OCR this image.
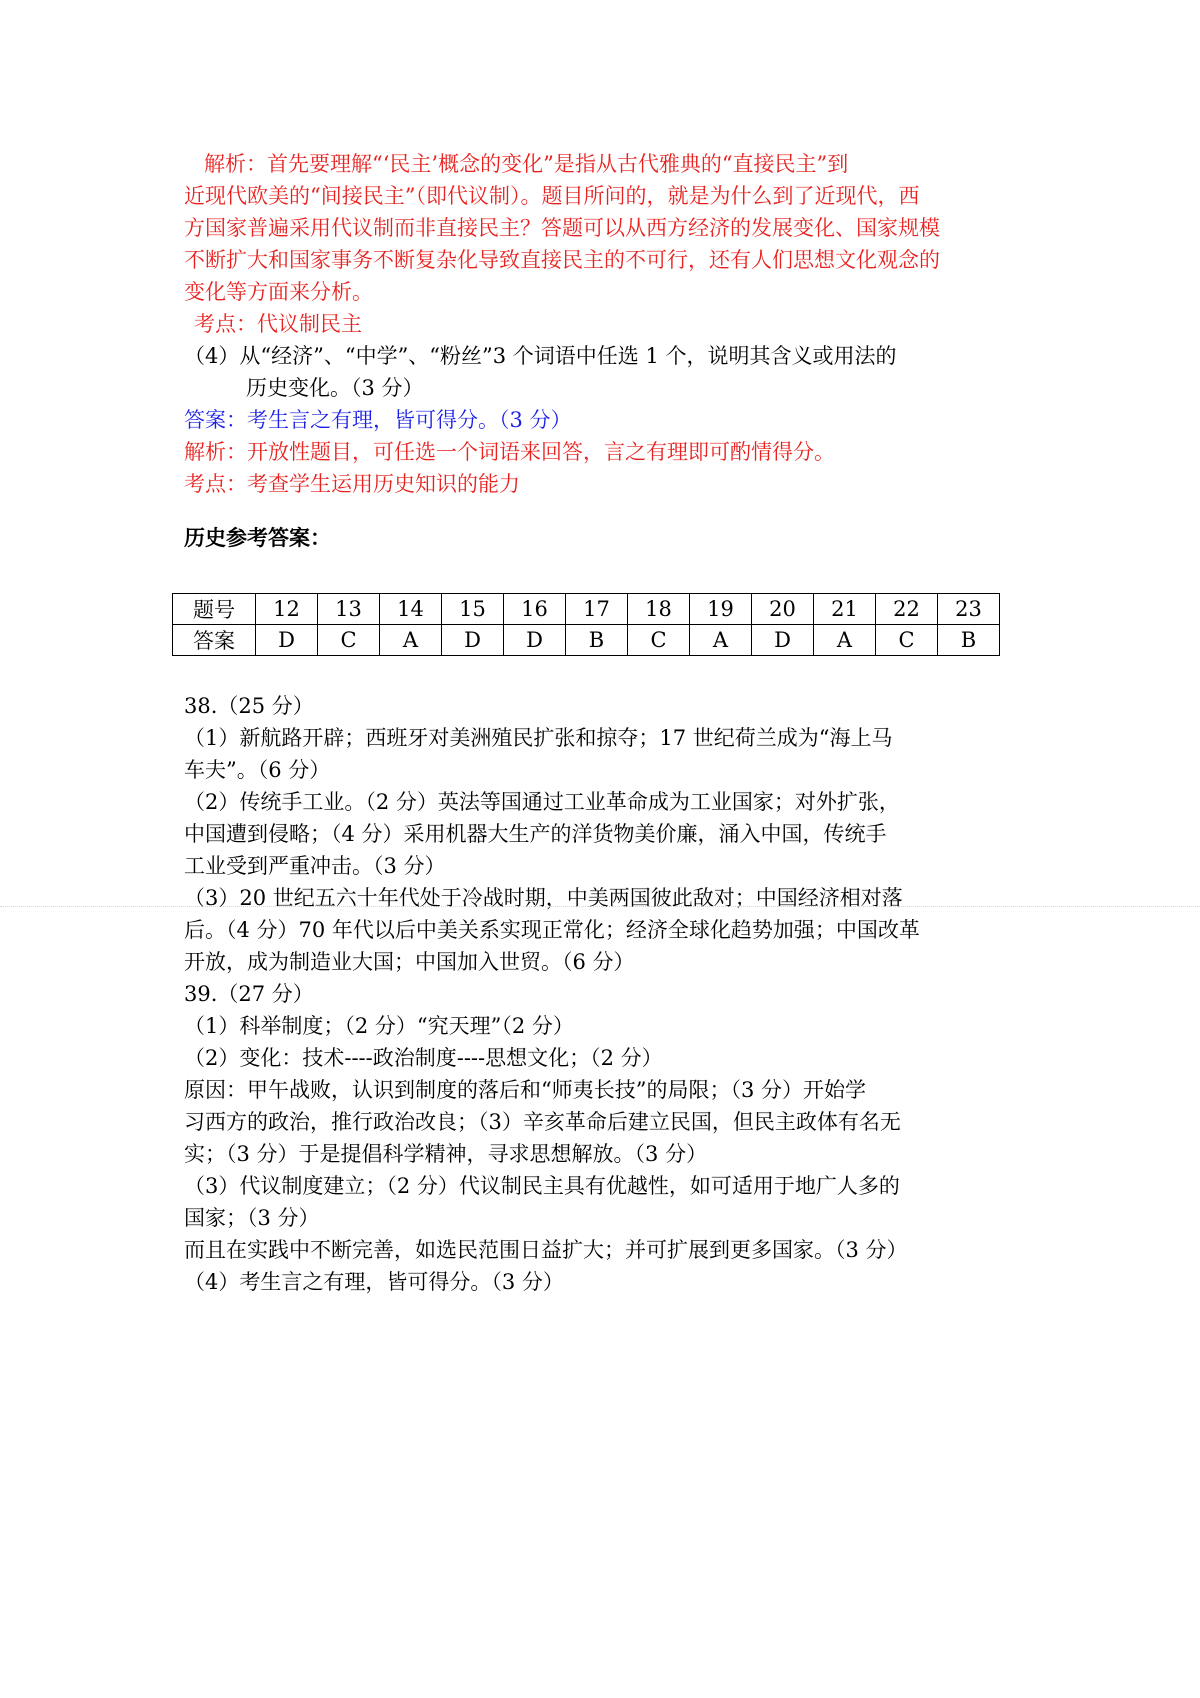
解析：首先要理解“‘民主’概念的变化”是指从古代雅典的“直接民主”到
近现代欧美的“间接民主”（即代议制）。题目所问的，就是为什么到了近现代，西
方国家普遍采用代议制而非直接民主？答题可以从西方经济的发展变化、国家规模
不断扩大和国家事务不断复杂化导致直接民主的不可行，还有人们思想文化观念的
变化等方面来分析。
考点：代议制民主
（4）从“经济”、“中学”、“粉丝”3 个词语中任选 1 个，说明其含义或用法的
历史变化。（3 分）
答案：考生言之有理，皆可得分。（3 分）
解析：开放性题目，可任选一个词语来回答，言之有理即可酌情得分。
考点：考查学生运用历史知识的能力
历史参考答案：
题号	12	13	14	15	16	17	18	19	20	21	22	23
答案	D	C	A	D	D	B	C	A	D	A	C	B
38.（25 分）
（1）新航路开辟；西班牙对美洲殖民扩张和掠夺；17 世纪荷兰成为“海上马
车夫”。（6 分）
（2）传统手工业。（2 分）英法等国通过工业革命成为工业国家；对外扩张，
中国遭到侵略；（4 分）采用机器大生产的洋货物美价廉，涌入中国，传统手
工业受到严重冲击。（3 分）
（3）20 世纪五六十年代处于冷战时期，中美两国彼此敌对；中国经济相对落
后。（4 分）70 年代以后中美关系实现正常化；经济全球化趋势加强；中国改革
开放，成为制造业大国；中国加入世贸。（6 分）
39.（27 分）
（1）科举制度；（2 分）“究天理”（2 分）
（2）变化：技术----政治制度----思想文化；（2 分）
原因：甲午战败，认识到制度的落后和“师夷长技”的局限；（3 分）开始学
习西方的政治，推行政治改良；（3）辛亥革命后建立民国，但民主政体有名无
实；（3 分）于是提倡科学精神，寻求思想解放。（3 分）
（3）代议制度建立；（2 分）代议制民主具有优越性，如可适用于地广人多的
国家；（3 分）
而且在实践中不断完善，如选民范围日益扩大；并可扩展到更多国家。（3 分）
（4）考生言之有理，皆可得分。（3 分）
